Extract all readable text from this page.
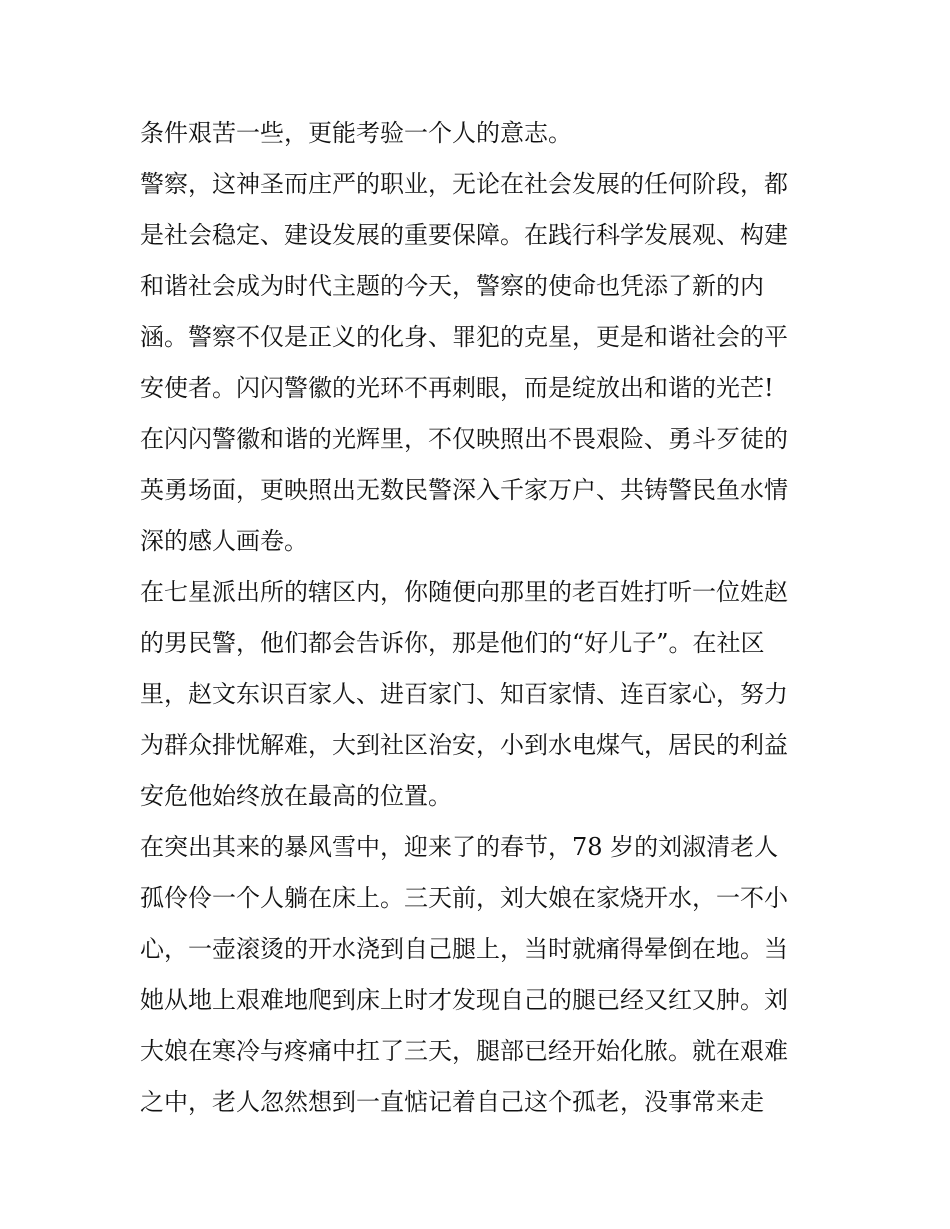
条件艰苦一些，更能考验一个人的意志。
警察，这神圣而庄严的职业，无论在社会发展的任何阶段，都
是社会稳定、建设发展的重要保障。在践行科学发展观、构建
和谐社会成为时代主题的今天，警察的使命也凭添了新的内
涵。警察不仅是正义的化身、罪犯的克星，更是和谐社会的平
安使者。闪闪警徽的光环不再刺眼，而是绽放出和谐的光芒!
在闪闪警徽和谐的光辉里，不仅映照出不畏艰险、勇斗歹徒的
英勇场面，更映照出无数民警深入千家万户、共铸警民鱼水情
深的感人画卷。
在七星派出所的辖区内，你随便向那里的老百姓打听一位姓赵
的男民警，他们都会告诉你，那是他们的“好儿子”。在社区
里，赵文东识百家人、进百家门、知百家情、连百家心，努力
为群众排忧解难，大到社区治安，小到水电煤气，居民的利益
安危他始终放在最高的位置。
在突出其来的暴风雪中，迎来了的春节，78 岁的刘淑清老人
孤伶伶一个人躺在床上。三天前，刘大娘在家烧开水，一不小
心，一壶滚烫的开水浇到自己腿上，当时就痛得晕倒在地。当
她从地上艰难地爬到床上时才发现自己的腿已经又红又肿。刘
大娘在寒冷与疼痛中扛了三天，腿部已经开始化脓。就在艰难
之中，老人忽然想到一直惦记着自己这个孤老，没事常来走
